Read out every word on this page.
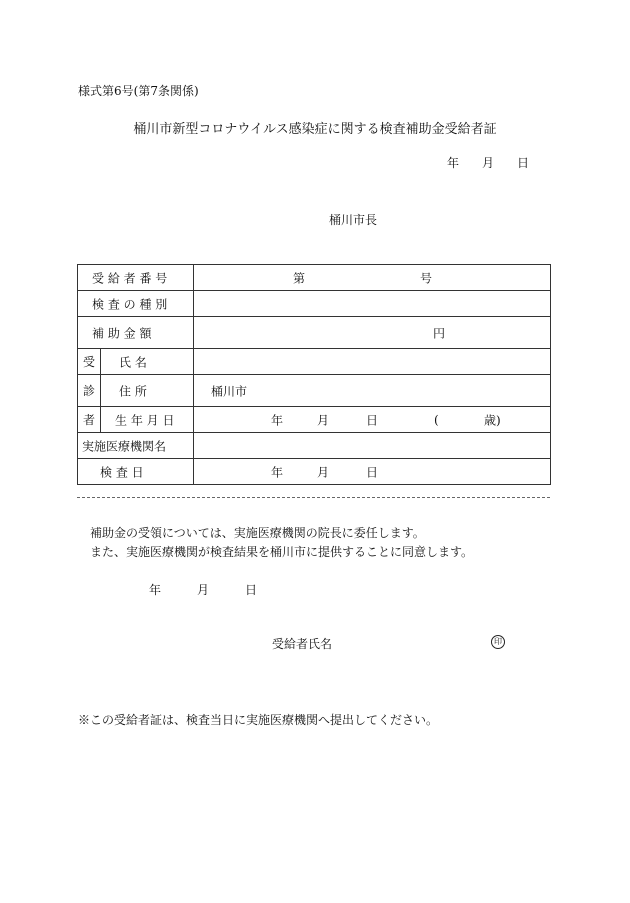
様式第6号(第7条関係)
桶川市新型コロナウイルス感染症に関する検査補助金受給者証
年 月 日
桶川市長
受 給 者 番 号		第 号

検 査 の 種 別		

補 助 金 額		円

受	氏 名	

診	住 所	桶川市

者	生 年 月 日	年 月 日 ( 歳)

実施医療機関名		

検 査 日		年 月 日
補助金の受領については、実施医療機関の院長に委任します。
また、実施医療機関が検査結果を桶川市に提供することに同意します。
年	月	日
受給者氏名	印
※この受給者証は、検査当日に実施医療機関へ提出してください。
